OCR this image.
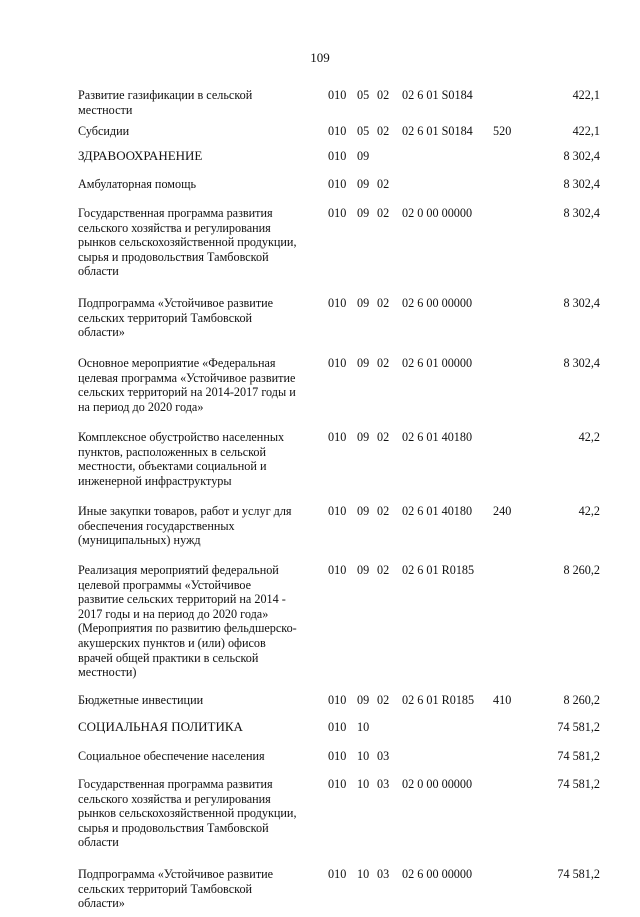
109
Развитие газификации в сельской
местности
010 05 02 02 6 01 S0184	422,1
Субсидии	010 05 02 02 6 01 S0184 520	422,1
ЗДРАВООХРАНЕНИЕ	010 09	8 302,4
Амбулаторная помощь	010 09 02	8 302,4
Государственная программа развития
сельского хозяйства и регулирования
рынков сельскохозяйственной продукции,
сырья и продовольствия Тамбовской
области
010 09 02 02 0 00 00000	8 302,4
Подпрограмма «Устойчивое развитие
сельских территорий Тамбовской
области»
010 09 02 02 6 00 00000	8 302,4
Основное мероприятие «Федеральная
целевая программа «Устойчивое развитие
сельских территорий на 2014-2017 годы и
на период до 2020 года»
010 09 02 02 6 01 00000	8 302,4
Комплексное обустройство населенных
пунктов, расположенных в сельской
местности, объектами социальной и
инженерной инфраструктуры
010 09 02 02 6 01 40180	42,2
Иные закупки товаров, работ и услуг для
обеспечения государственных
(муниципальных) нужд
010 09 02 02 6 01 40180 240	42,2
Реализация мероприятий федеральной
целевой программы «Устойчивое
развитие сельских территорий на 2014 -
2017 годы и на период до 2020 года»
(Мероприятия по развитию фельдшерско-
акушерских пунктов и (или) офисов
врачей общей практики в сельской
местности)
010 09 02 02 6 01 R0185	8 260,2
Бюджетные инвестиции	010 09 02 02 6 01 R0185 410	8 260,2
СОЦИАЛЬНАЯ ПОЛИТИКА	010 10	74 581,2
Социальное обеспечение населения	010 10 03	74 581,2
Государственная программа развития
сельского хозяйства и регулирования
рынков сельскохозяйственной продукции,
сырья и продовольствия Тамбовской
области
010 10 03 02 0 00 00000	74 581,2
Подпрограмма «Устойчивое развитие
сельских территорий Тамбовской
области»
010 10 03 02 6 00 00000	74 581,2
